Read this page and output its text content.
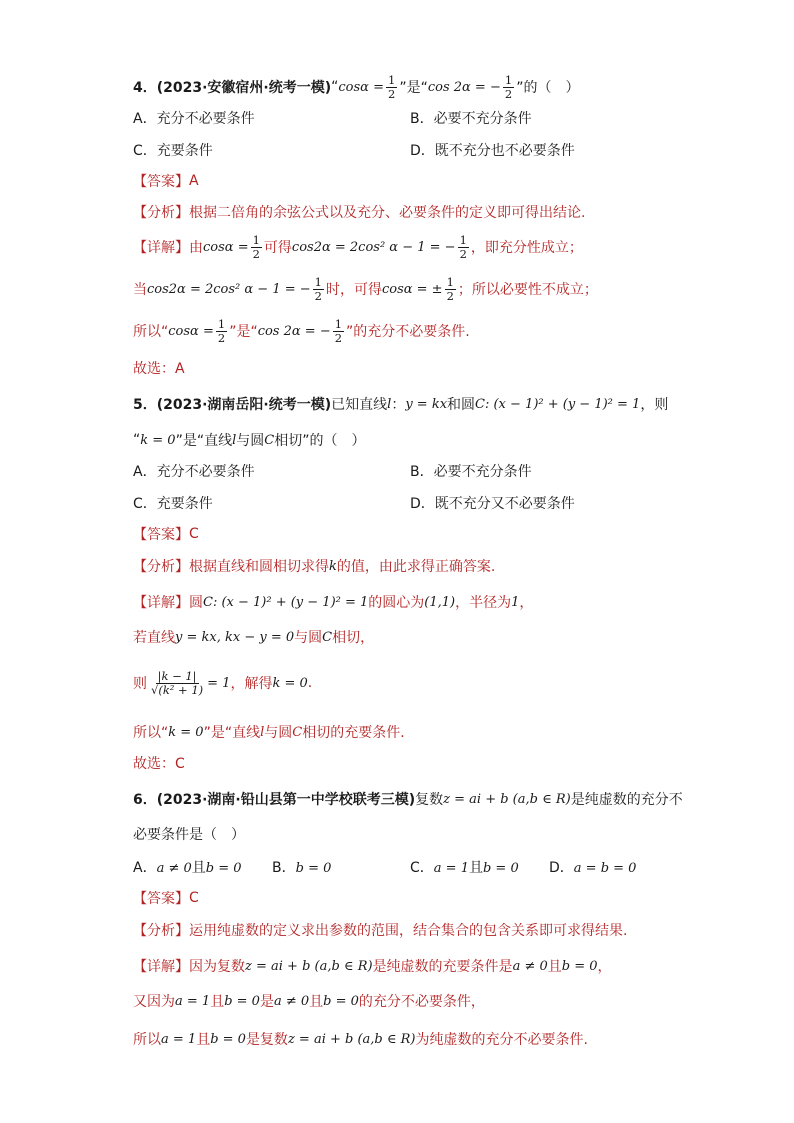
4．(2023·安徽宿州·统考一模) “ $\cos\alpha = \frac{1}{2}$ ”是“ cos 2α = − $\frac{1}{2}$ ”的（　）
A．充分不必要条件	B．必要不充分条件
C．充要条件	D．既不充分也不必要条件
【答案】 A
【分析】 根据二倍角的余弦公式以及充分、必要条件的定义即可得出结论.
【详解】 由 $\cos\alpha = \frac{1}{2}$ 可得 cos2α = 2cos² α − 1 = − $\frac{1}{2}$ ，即充分性成立；
当 cos2α = 2cos² α − 1 = − $\frac{1}{2}$ 时，可得 cosα = ± $\frac{1}{2}$ ；所以必要性不成立；
所以“ $\cos\alpha = \frac{1}{2}$ ”是“ cos 2α = − $\frac{1}{2}$ ”的充分不必要条件.
故选：A
5．(2023·湖南岳阳·统考一模) 已知直线 l ： y = kx 和圆 C: (x − 1)² + (y − 1)² = 1 ，则
“ k = 0 ”是“直线 l 与圆 C 相切”的（　）
A．充分不必要条件	B．必要不充分条件
C．充要条件	D．既不充分又不必要条件
【答案】 C
【分析】 根据直线和圆相切求得 k 的值，由此求得正确答案.
【详解】 圆 C: (x − 1)² + (y − 1)² = 1 的圆心为 (1,1) ，半径为 1 ，
若直线 y = kx, kx − y = 0 与圆 C 相切，
则 $\frac{|k - 1|}{\text{√(k² + 1)}} = 1$ ，解得 k = 0 .
所以“ k = 0 ”是“直线 l 与圆 C 相切的充要条件.
故选：C
6．(2023·湖南·铅山县第一中学校联考三模) 复数 z = ai + b (a,b ∈ R) 是纯虚数的充分不
必要条件是（　）
A．a ≠ 0且b = 0 B．b = 0	C．a = 1且b = 0 D．a = b = 0
【答案】 C
【分析】 运用纯虚数的定义求出参数的范围，结合集合的包含关系即可求得结果.
【详解】 因为复数 z = ai + b (a,b ∈ R) 是纯虚数的充要条件是 a ≠ 0 且 b = 0 ，
又因为 a = 1 且 b = 0 是 a ≠ 0 且 b = 0 的充分不必要条件，
所以 a = 1 且 b = 0 是复数 z = ai + b (a,b ∈ R) 为纯虚数的充分不必要条件.
